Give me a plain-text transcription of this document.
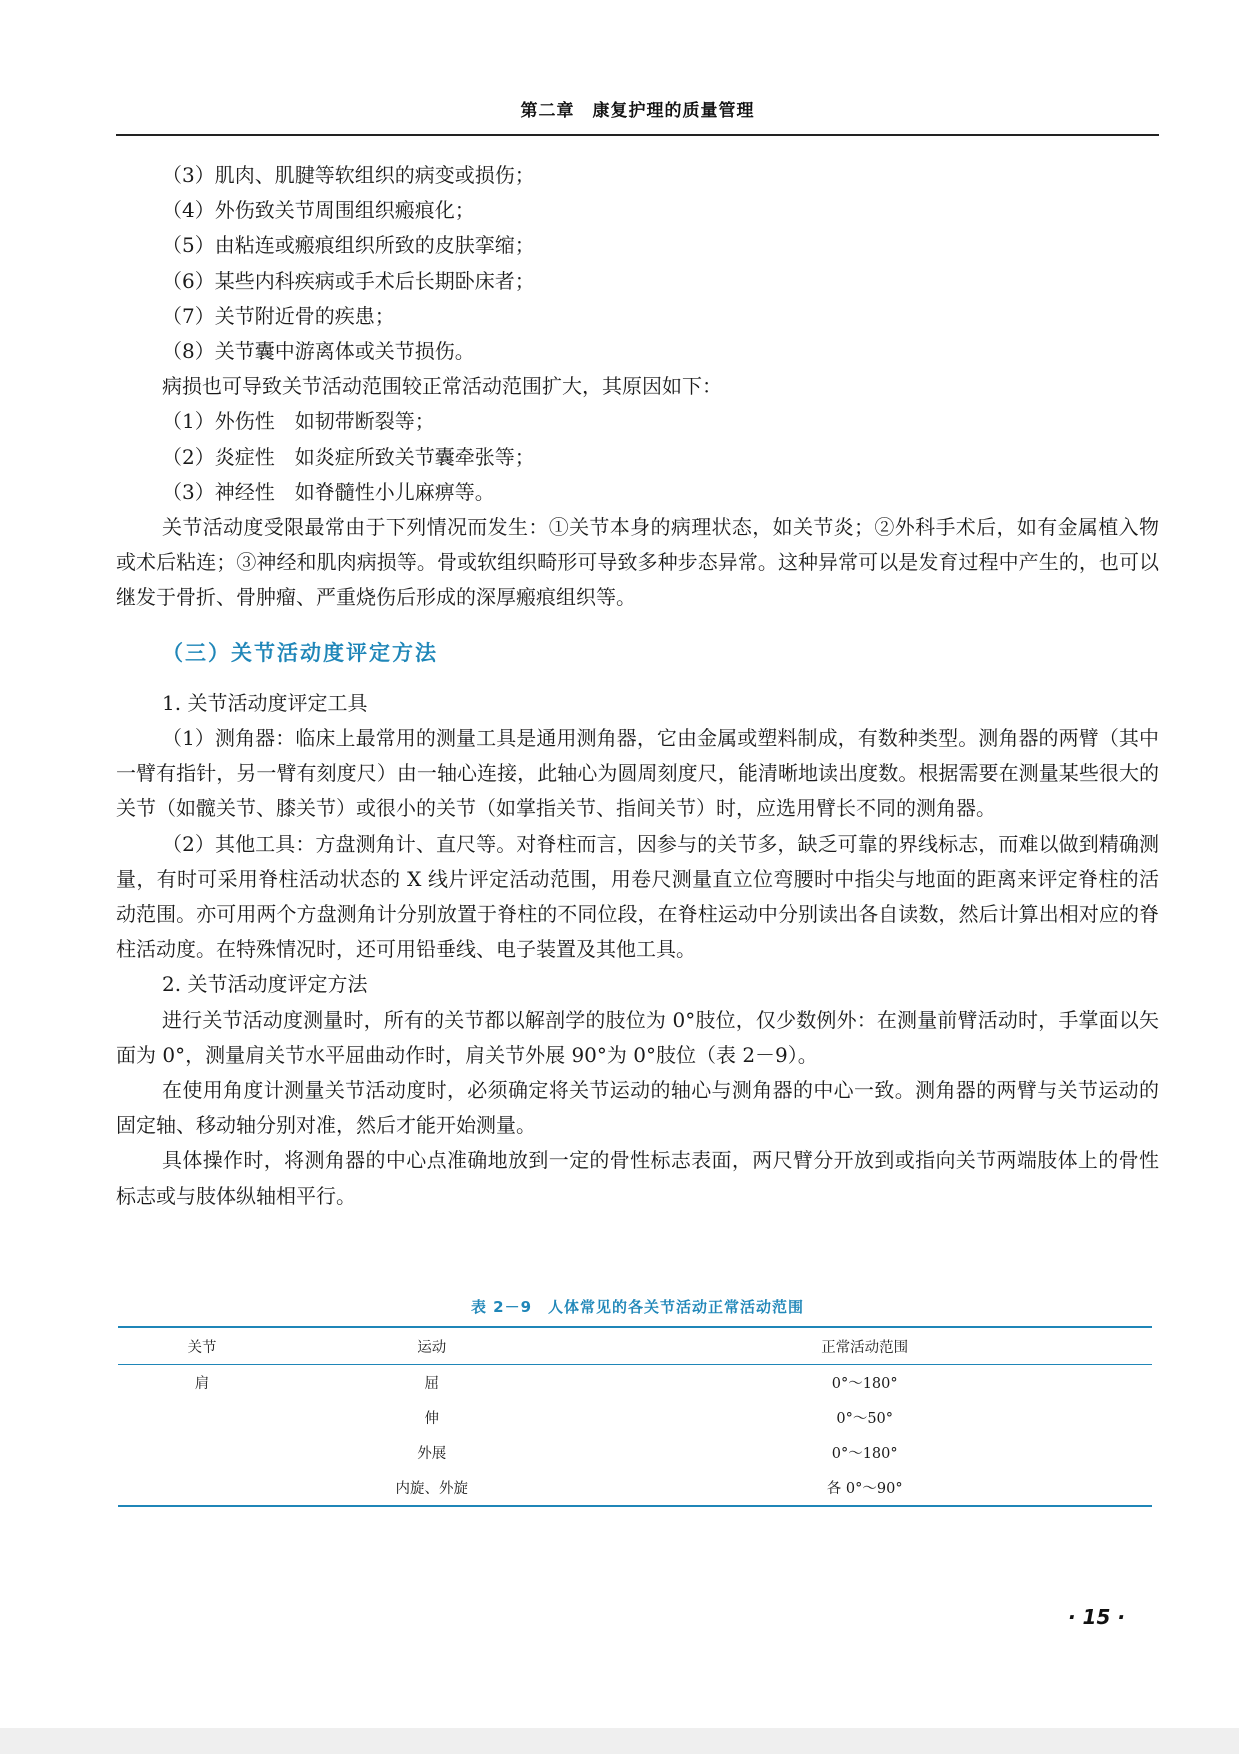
第二章　康复护理的质量管理

（3）肌肉、肌腱等软组织的病变或损伤；

（4）外伤致关节周围组织瘢痕化；

（5）由粘连或瘢痕组织所致的皮肤挛缩；

（6）某些内科疾病或手术后长期卧床者；

（7）关节附近骨的疾患；

（8）关节囊中游离体或关节损伤。

病损也可导致关节活动范围较正常活动范围扩大，其原因如下：

（1）外伤性　如韧带断裂等；

（2）炎症性　如炎症所致关节囊牵张等；

（3）神经性　如脊髓性小儿麻痹等。

关节活动度受限最常由于下列情况而发生：①关节本身的病理状态，如关节炎；②外科手术后，如有金属植入物或术后粘连；③神经和肌肉病损等。骨或软组织畸形可导致多种步态异常。这种异常可以是发育过程中产生的，也可以继发于骨折、骨肿瘤、严重烧伤后形成的深厚瘢痕组织等。

（三）关节活动度评定方法

1. 关节活动度评定工具

（1）测角器：临床上最常用的测量工具是通用测角器，它由金属或塑料制成，有数种类型。测角器的两臂（其中一臂有指针，另一臂有刻度尺）由一轴心连接，此轴心为圆周刻度尺，能清晰地读出度数。根据需要在测量某些很大的关节（如髋关节、膝关节）或很小的关节（如掌指关节、指间关节）时，应选用臂长不同的测角器。

（2）其他工具：方盘测角计、直尺等。对脊柱而言，因参与的关节多，缺乏可靠的界线标志，而难以做到精确测量，有时可采用脊柱活动状态的 X 线片评定活动范围，用卷尺测量直立位弯腰时中指尖与地面的距离来评定脊柱的活动范围。亦可用两个方盘测角计分别放置于脊柱的不同位段，在脊柱运动中分别读出各自读数，然后计算出相对应的脊柱活动度。在特殊情况时，还可用铅垂线、电子装置及其他工具。

2. 关节活动度评定方法

进行关节活动度测量时，所有的关节都以解剖学的肢位为 0°肢位，仅少数例外：在测量前臂活动时，手掌面以矢面为 0°，测量肩关节水平屈曲动作时，肩关节外展 90°为 0°肢位（表 2－9）。

在使用角度计测量关节活动度时，必须确定将关节运动的轴心与测角器的中心一致。测角器的两臂与关节运动的固定轴、移动轴分别对准，然后才能开始测量。

具体操作时，将测角器的中心点准确地放到一定的骨性标志表面，两尺臂分开放到或指向关节两端肢体上的骨性标志或与肢体纵轴相平行。

表 2－9　人体常见的各关节活动正常活动范围
关节	运动	正常活动范围
肩	屈	0°～180°
	伸	0°～50°
	外展	0°～180°
	内旋、外旋	各 0°～90°
· 15 ·
